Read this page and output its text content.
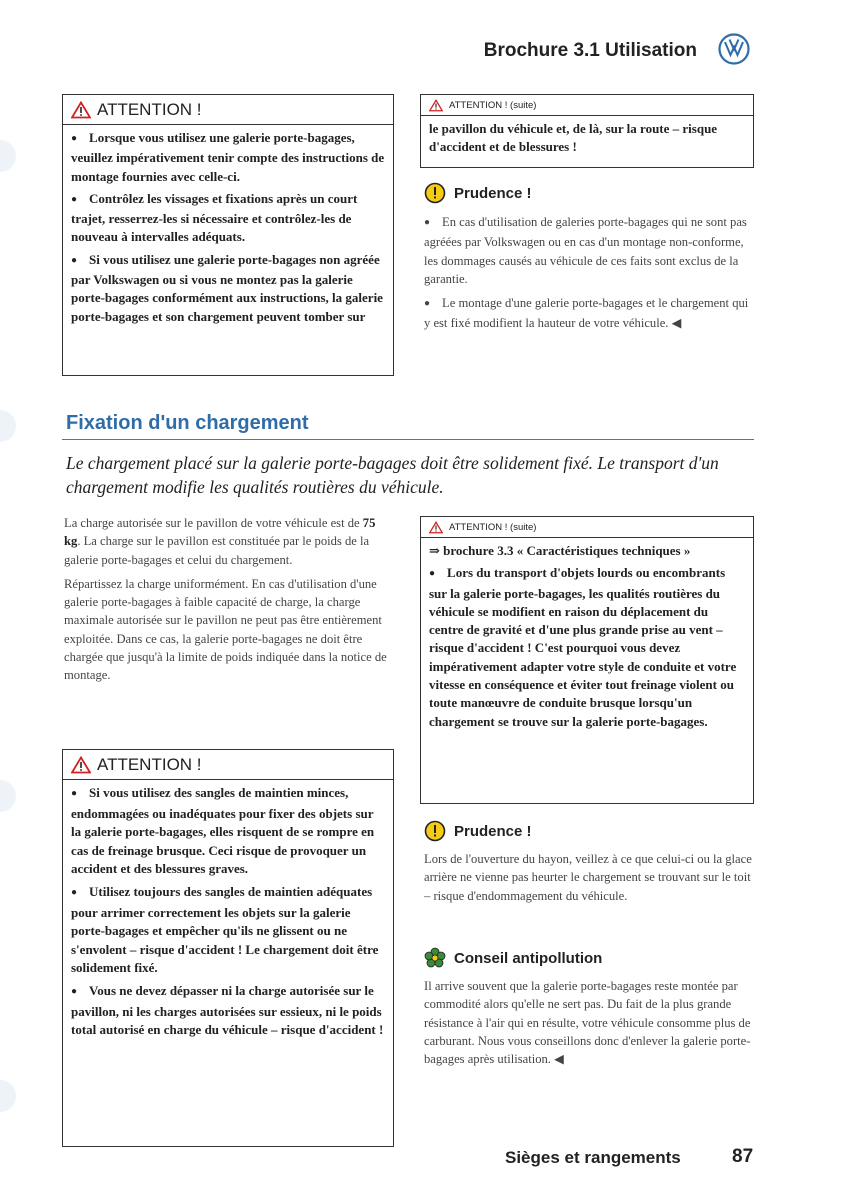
Brochure 3.1 Utilisation
ATTENTION !

● Lorsque vous utilisez une galerie porte-bagages, veuillez impérativement tenir compte des instructions de montage fournies avec celle-ci.

● Contrôlez les vissages et fixations après un court trajet, resserrez-les si nécessaire et contrôlez-les de nouveau à intervalles adéquats.

● Si vous utilisez une galerie porte-bagages non agréée par Volkswagen ou si vous ne montez pas la galerie porte-bagages conformément aux instructions, la galerie porte-bagages et son chargement peuvent tomber sur

ATTENTION ! (suite)

le pavillon du véhicule et, de là, sur la route – risque d'accident et de blessures !

Prudence !

● En cas d'utilisation de galeries porte-bagages qui ne sont pas agréées par Volkswagen ou en cas d'un montage non-conforme, les dommages causés au véhicule de ces faits sont exclus de la garantie.

● Le montage d'une galerie porte-bagages et le chargement qui y est fixé modifient la hauteur de votre véhicule. ◀

Fixation d'un chargement
Le chargement placé sur la galerie porte-bagages doit être solidement fixé. Le transport d'un chargement modifie les qualités routières du véhicule.

La charge autorisée sur le pavillon de votre véhicule est de 75 kg. La charge sur le pavillon est constituée par le poids de la galerie porte-bagages et celui du chargement.

Répartissez la charge uniformément. En cas d'utilisation d'une galerie porte-bagages à faible capacité de charge, la charge maximale autorisée sur le pavillon ne peut pas être entièrement exploitée. Dans ce cas, la galerie porte-bagages ne doit être chargée que jusqu'à la limite de poids indiquée dans la notice de montage.

ATTENTION !

● Si vous utilisez des sangles de maintien minces, endommagées ou inadéquates pour fixer des objets sur la galerie porte-bagages, elles risquent de se rompre en cas de freinage brusque. Ceci risque de provoquer un accident et des blessures graves.

● Utilisez toujours des sangles de maintien adéquates pour arrimer correctement les objets sur la galerie porte-bagages et empêcher qu'ils ne glissent ou ne s'envolent – risque d'accident ! Le chargement doit être solidement fixé.

● Vous ne devez dépasser ni la charge autorisée sur le pavillon, ni les charges autorisées sur essieux, ni le poids total autorisé en charge du véhicule – risque d'accident !

ATTENTION ! (suite)

⇒ brochure 3.3 « Caractéristiques techniques »

● Lors du transport d'objets lourds ou encombrants sur la galerie porte-bagages, les qualités routières du véhicule se modifient en raison du déplacement du centre de gravité et d'une plus grande prise au vent – risque d'accident ! C'est pourquoi vous devez impérativement adapter votre style de conduite et votre vitesse en conséquence et éviter tout freinage violent ou toute manœuvre de conduite brusque lorsqu'un chargement se trouve sur la galerie porte-bagages.

Prudence !

Lors de l'ouverture du hayon, veillez à ce que celui-ci ou la glace arrière ne vienne pas heurter le chargement se trouvant sur le toit – risque d'endommagement du véhicule.

Conseil antipollution

Il arrive souvent que la galerie porte-bagages reste montée par commodité alors qu'elle ne sert pas. Du fait de la plus grande résistance à l'air qui en résulte, votre véhicule consomme plus de carburant. Nous vous conseillons donc d'enlever la galerie porte-bagages après utilisation. ◀

Sièges et rangements	87
